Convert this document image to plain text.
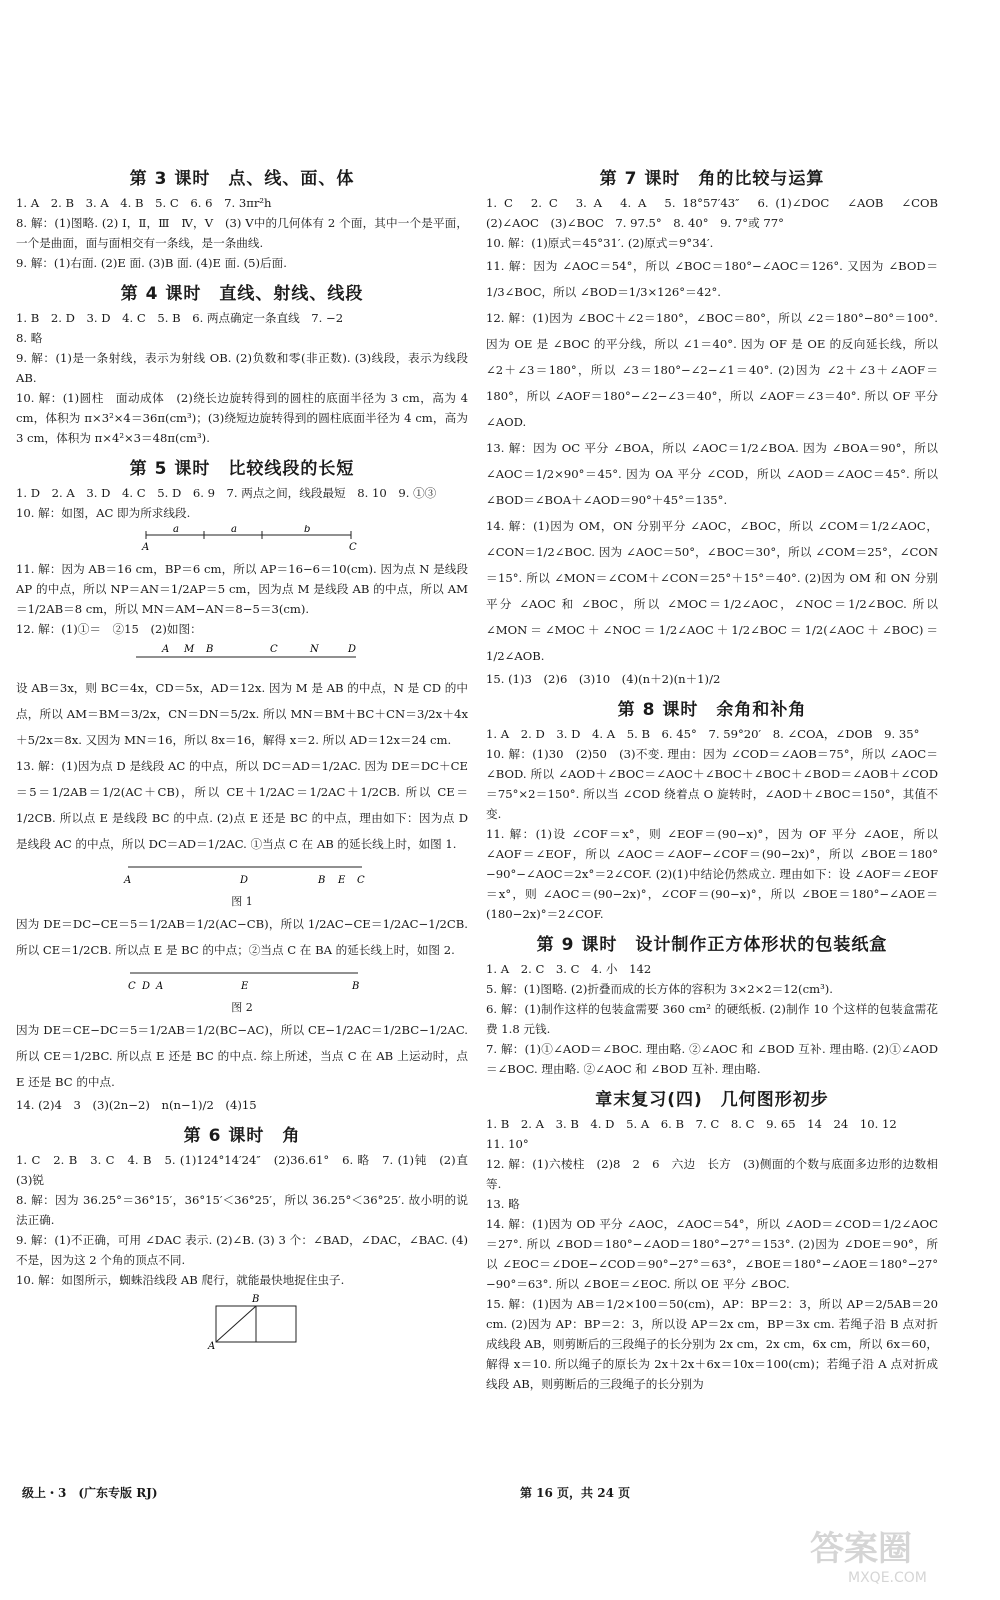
第 3 课时　点、线、面、体
1. A　2. B　3. A　4. B　5. C　6. 6　7. 3πr²h
8. 解：(1)图略. (2) Ⅰ，Ⅱ，Ⅲ　Ⅳ，Ⅴ　(3) Ⅴ中的几何体有 2 个面，其中一个是平面，一个是曲面，面与面相交有一条线，是一条曲线.
9. 解：(1)右面. (2)E 面. (3)B 面. (4)E 面. (5)后面.
第 4 课时　直线、射线、线段
1. B　2. D　3. D　4. C　5. B　6. 两点确定一条直线　7. −2
8. 略
9. 解：(1)是一条射线，表示为射线 OB. (2)负数和零(非正数). (3)线段，表示为线段 AB.
10. 解：(1)圆柱　面动成体　(2)绕长边旋转得到的圆柱的底面半径为 3 cm，高为 4 cm，体积为 π×3²×4＝36π(cm³)；(3)绕短边旋转得到的圆柱底面半径为 4 cm，高为 3 cm，体积为 π×4²×3＝48π(cm³).
第 5 课时　比较线段的长短
1. D　2. A　3. D　4. C　5. D　6. 9　7. 两点之间，线段最短　8. 10　9. ①③
10. 解：如图，AC 即为所求线段.
a	a	b
A	C
11. 解：因为 AB＝16 cm，BP＝6 cm，所以 AP＝16−6＝10(cm). 因为点 N 是线段 AP 的中点，所以 NP＝AN＝1/2AP＝5 cm，因为点 M 是线段 AB 的中点，所以 AM＝1/2AB＝8 cm，所以 MN＝AM−AN＝8−5＝3(cm).
12. 解：(1)①＝　②15　(2)如图：
A M B	C	N	D
设 AB＝3x，则 BC＝4x，CD＝5x，AD＝12x. 因为 M 是 AB 的中点，N 是 CD 的中点，所以 AM＝BM＝3/2x，CN＝DN＝5/2x. 所以 MN＝BM＋BC＋CN＝3/2x＋4x＋5/2x＝8x. 又因为 MN＝16，所以 8x＝16，解得 x＝2. 所以 AD＝12x＝24 cm.
13. 解：(1)因为点 D 是线段 AC 的中点，所以 DC＝AD＝1/2AC. 因为 DE＝DC＋CE＝5＝1/2AB＝1/2(AC＋CB)，所以 CE＋1/2AC＝1/2AC＋1/2CB. 所以 CE＝1/2CB. 所以点 E 是线段 BC 的中点. (2)点 E 还是 BC 的中点，理由如下：因为点 D 是线段 AC 的中点，所以 DC＝AD＝1/2AC. ①当点 C 在 AB 的延长线上时，如图 1.
A	D	B E C
图 1
因为 DE＝DC−CE＝5＝1/2AB＝1/2(AC−CB)，所以 1/2AC−CE＝1/2AC−1/2CB. 所以 CE＝1/2CB. 所以点 E 是 BC 的中点；②当点 C 在 BA 的延长线上时，如图 2.
C D A	E	B
图 2
因为 DE＝CE−DC＝5＝1/2AB＝1/2(BC−AC)，所以 CE−1/2AC＝1/2BC−1/2AC. 所以 CE＝1/2BC. 所以点 E 还是 BC 的中点. 综上所述，当点 C 在 AB 上运动时，点 E 还是 BC 的中点.
14. (2)4　3　(3)(2n−2)　n(n−1)/2　(4)15
第 6 课时　角
1. C　2. B　3. C　4. B　5. (1)124°14′24″　(2)36.61°　6. 略　7. (1)钝　(2)直　(3)锐
8. 解：因为 36.25°＝36°15′，36°15′＜36°25′，所以 36.25°＜36°25′. 故小明的说法正确.
9. 解：(1)不正确，可用 ∠DAC 表示. (2)∠B. (3) 3 个：∠BAD，∠DAC，∠BAC. (4)不是，因为这 2 个角的顶点不同.
10. 解：如图所示，蜘蛛沿线段 AB 爬行，就能最快地捉住虫子.
B
A
第 7 课时　角的比较与运算
1. C　2. C　3. A　4. A　5. 18°57′43″　6. (1)∠DOC　∠AOB　∠COB　(2)∠AOC　(3)∠BOC　7. 97.5°　8. 40°　9. 7°或 77°
10. 解：(1)原式＝45°31′. (2)原式＝9°34′.
11. 解：因为 ∠AOC＝54°，所以 ∠BOC＝180°−∠AOC＝126°. 又因为 ∠BOD＝1/3∠BOC，所以 ∠BOD＝1/3×126°＝42°.
12. 解：(1)因为 ∠BOC＋∠2＝180°，∠BOC＝80°，所以 ∠2＝180°−80°＝100°. 因为 OE 是 ∠BOC 的平分线，所以 ∠1＝40°. 因为 OF 是 OE 的反向延长线，所以 ∠2＋∠3＝180°，所以 ∠3＝180°−∠2−∠1＝40°. (2)因为 ∠2＋∠3＋∠AOF＝180°，所以 ∠AOF＝180°−∠2−∠3＝40°，所以 ∠AOF＝∠3＝40°. 所以 OF 平分 ∠AOD.
13. 解：因为 OC 平分 ∠BOA，所以 ∠AOC＝1/2∠BOA. 因为 ∠BOA＝90°，所以 ∠AOC＝1/2×90°＝45°. 因为 OA 平分 ∠COD，所以 ∠AOD＝∠AOC＝45°. 所以 ∠BOD＝∠BOA＋∠AOD＝90°＋45°＝135°.
14. 解：(1)因为 OM，ON 分别平分 ∠AOC，∠BOC，所以 ∠COM＝1/2∠AOC，∠CON＝1/2∠BOC. 因为 ∠AOC＝50°，∠BOC＝30°，所以 ∠COM＝25°，∠CON＝15°. 所以 ∠MON＝∠COM＋∠CON＝25°＋15°＝40°. (2)因为 OM 和 ON 分别平分 ∠AOC 和 ∠BOC，所以 ∠MOC＝1/2∠AOC，∠NOC＝1/2∠BOC. 所以 ∠MON＝∠MOC＋∠NOC＝1/2∠AOC＋1/2∠BOC＝1/2(∠AOC＋∠BOC)＝1/2∠AOB.
15. (1)3　(2)6　(3)10　(4)(n＋2)(n＋1)/2
第 8 课时　余角和补角
1. A　2. D　3. D　4. A　5. B　6. 45°　7. 59°20′　8. ∠COA，∠DOB　9. 35°
10. 解：(1)30　(2)50　(3)不变. 理由：因为 ∠COD＝∠AOB＝75°，所以 ∠AOC＝∠BOD. 所以 ∠AOD＋∠BOC＝∠AOC＋∠BOC＋∠BOC＋∠BOD＝∠AOB＋∠COD＝75°×2＝150°. 所以当 ∠COD 绕着点 O 旋转时，∠AOD＋∠BOC＝150°，其值不变.
11. 解：(1)设 ∠COF＝x°，则 ∠EOF＝(90−x)°，因为 OF 平分 ∠AOE，所以 ∠AOF＝∠EOF，所以 ∠AOC＝∠AOF−∠COF＝(90−2x)°，所以 ∠BOE＝180°−90°−∠AOC＝2x°＝2∠COF. (2)(1)中结论仍然成立. 理由如下：设 ∠AOF＝∠EOF＝x°，则 ∠AOC＝(90−2x)°，∠COF＝(90−x)°，所以 ∠BOE＝180°−∠AOE＝(180−2x)°＝2∠COF.
第 9 课时　设计制作正方体形状的包装纸盒
1. A　2. C　3. C　4. 小　142
5. 解：(1)图略. (2)折叠而成的长方体的容积为 3×2×2＝12(cm³).
6. 解：(1)制作这样的包装盒需要 360 cm² 的硬纸板. (2)制作 10 个这样的包装盒需花费 1.8 元钱.
7. 解：(1)①∠AOD＝∠BOC. 理由略. ②∠AOC 和 ∠BOD 互补. 理由略. (2)①∠AOD＝∠BOC. 理由略. ②∠AOC 和 ∠BOD 互补. 理由略.
章末复习(四)　几何图形初步
1. B　2. A　3. B　4. D　5. A　6. B　7. C　8. C　9. 65　14　24　10. 12
11. 10°
12. 解：(1)六棱柱　(2)8　2　6　六边　长方　(3)侧面的个数与底面多边形的边数相等.
13. 略
14. 解：(1)因为 OD 平分 ∠AOC，∠AOC＝54°，所以 ∠AOD＝∠COD＝1/2∠AOC＝27°. 所以 ∠BOD＝180°−∠AOD＝180°−27°＝153°. (2)因为 ∠DOE＝90°，所以 ∠EOC＝∠DOE−∠COD＝90°−27°＝63°，∠BOE＝180°−∠AOE＝180°−27°−90°＝63°. 所以 ∠BOE＝∠EOC. 所以 OE 平分 ∠BOC.
15. 解：(1)因为 AB＝1/2×100＝50(cm)，AP：BP＝2：3，所以 AP＝2/5AB＝20 cm. (2)因为 AP：BP＝2：3，所以设 AP＝2x cm，BP＝3x cm. 若绳子沿 B 点对折成线段 AB，则剪断后的三段绳子的长分别为 2x cm，2x cm，6x cm，所以 6x＝60，解得 x＝10. 所以绳子的原长为 2x＋2x＋6x＝10x＝100(cm)；若绳子沿 A 点对折成线段 AB，则剪断后的三段绳子的长分别为
级上・3　(广东专版 RJ)	第 16 页，共 24 页
答案圈
MXQE.COM
